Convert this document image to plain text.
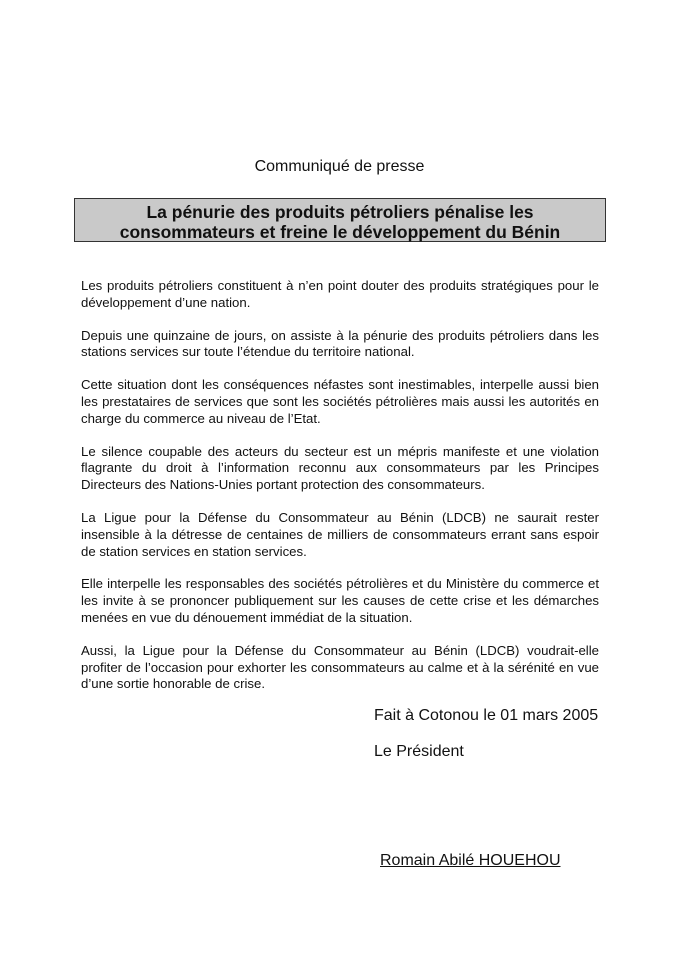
Communiqué de presse
La pénurie des produits pétroliers pénalise les
consommateurs et freine le développement du Bénin

Les produits pétroliers constituent à n’en point douter des produits stratégiques pour le développement d’une nation.

Depuis une quinzaine de jours, on assiste à la pénurie des produits pétroliers dans les stations services sur toute l’étendue du territoire national.

Cette situation dont les conséquences néfastes sont inestimables, interpelle aussi bien les prestataires de services que sont les sociétés pétrolières mais aussi les autorités en charge du commerce au niveau de l’Etat.

Le silence coupable des acteurs du secteur est un mépris manifeste et une violation flagrante du droit à l’information reconnu aux consommateurs par les Principes Directeurs des Nations-Unies portant protection des consommateurs.

La Ligue pour la Défense du Consommateur au Bénin (LDCB) ne saurait rester insensible à la détresse de centaines de milliers de consommateurs errant sans espoir de station services en station services.

Elle interpelle les responsables des sociétés pétrolières et du Ministère du commerce et les invite à se prononcer publiquement sur les causes de cette crise et les démarches menées en vue du dénouement immédiat de la situation.

Aussi, la Ligue pour la Défense du Consommateur au Bénin (LDCB) voudrait-elle profiter de l’occasion pour exhorter les consommateurs au calme et à la sérénité en vue d’une sortie honorable de crise.

Fait à Cotonou le 01 mars 2005
Le Président
Romain Abilé HOUEHOU
